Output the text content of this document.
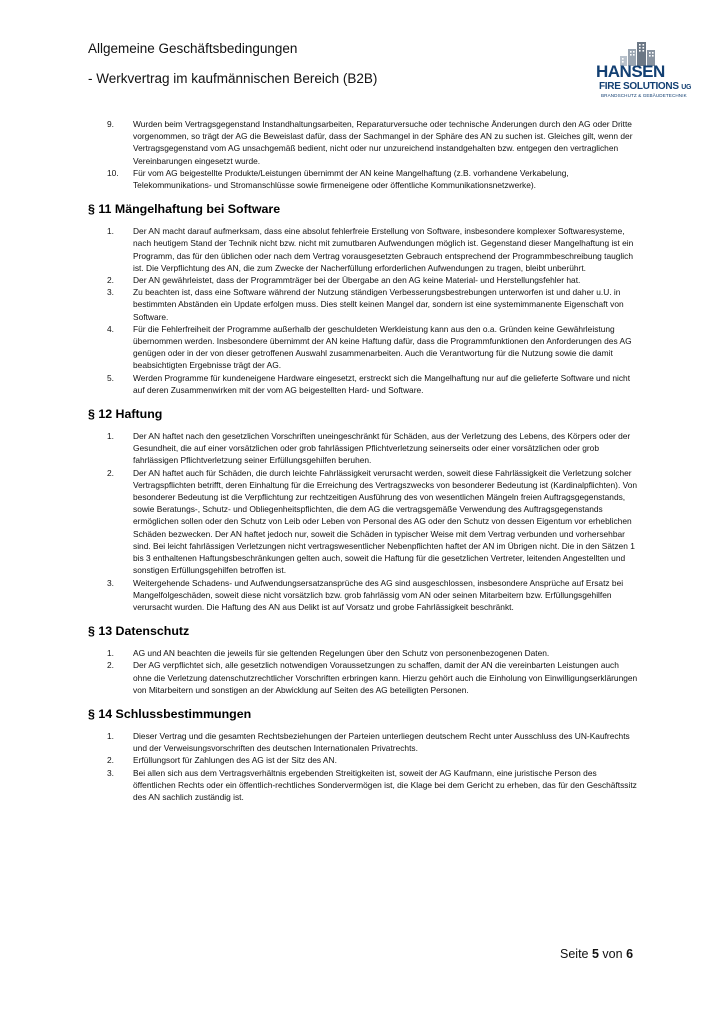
Allgemeine Geschäftsbedingungen
- Werkvertrag im kaufmännischen Bereich (B2B)	HANSEN
FIRE SOLUTIONS UG
BRANDSCHUTZ & GEBÄUDETECHNIK
9. Wurden beim Vertragsgegenstand Instandhaltungsarbeiten, Reparaturversuche oder technische Änderungen durch den AG oder Dritte vorgenommen, so trägt der AG die Beweislast dafür, dass der Sachmangel in der Sphäre des AN zu suchen ist. Gleiches gilt, wenn der Vertragsgegenstand vom AG unsachgemäß bedient, nicht oder nur unzureichend instandgehalten bzw. entgegen den vertraglichen Vereinbarungen eingesetzt wurde.
10. Für vom AG beigestellte Produkte/Leistungen übernimmt der AN keine Mangelhaftung (z.B. vorhandene Verkabelung, Telekommunikations- und Stromanschlüsse sowie firmeneigene oder öffentliche Kommunikationsnetzwerke).
§ 11 Mängelhaftung bei Software
1. Der AN macht darauf aufmerksam, dass eine absolut fehlerfreie Erstellung von Software, insbesondere komplexer Softwaresysteme, nach heutigem Stand der Technik nicht bzw. nicht mit zumutbaren Aufwendungen möglich ist. Gegenstand dieser Mangelhaftung ist ein Programm, das für den üblichen oder nach dem Vertrag vorausgesetzten Gebrauch entsprechend der Programmbeschreibung tauglich ist. Die Verpflichtung des AN, die zum Zwecke der Nacherfüllung erforderlichen Aufwendungen zu tragen, bleibt unberührt.
2. Der AN gewährleistet, dass der Programmträger bei der Übergabe an den AG keine Material- und Herstellungsfehler hat.
3. Zu beachten ist, dass eine Software während der Nutzung ständigen Verbesserungsbestrebungen unterworfen ist und daher u.U. in bestimmten Abständen ein Update erfolgen muss. Dies stellt keinen Mangel dar, sondern ist eine systemimmanente Eigenschaft von Software.
4. Für die Fehlerfreiheit der Programme außerhalb der geschuldeten Werkleistung kann aus den o.a. Gründen keine Gewährleistung übernommen werden. Insbesondere übernimmt der AN keine Haftung dafür, dass die Programmfunktionen den Anforderungen des AG genügen oder in der von dieser getroffenen Auswahl zusammenarbeiten. Auch die Verantwortung für die Nutzung sowie die damit beabsichtigten Ergebnisse trägt der AG.
5. Werden Programme für kundeneigene Hardware eingesetzt, erstreckt sich die Mangelhaftung nur auf die gelieferte Software und nicht auf deren Zusammenwirken mit der vom AG beigestellten Hard- und Software.
§ 12 Haftung
1. Der AN haftet nach den gesetzlichen Vorschriften uneingeschränkt für Schäden, aus der Verletzung des Lebens, des Körpers oder der Gesundheit, die auf einer vorsätzlichen oder grob fahrlässigen Pflichtverletzung seinerseits oder einer vorsätzlichen oder grob fahrlässigen Pflichtverletzung seiner Erfüllungsgehilfen beruhen.
2. Der AN haftet auch für Schäden, die durch leichte Fahrlässigkeit verursacht werden, soweit diese Fahrlässigkeit die Verletzung solcher Vertragspflichten betrifft, deren Einhaltung für die Erreichung des Vertragszwecks von besonderer Bedeutung ist (Kardinalpflichten). Von besonderer Bedeutung ist die Verpflichtung zur rechtzeitigen Ausführung des von wesentlichen Mängeln freien Auftragsgegenstands, sowie Beratungs-, Schutz- und Obliegenheitspflichten, die dem AG die vertragsgemäße Verwendung des Auftragsgegenstands ermöglichen sollen oder den Schutz von Leib oder Leben von Personal des AG oder den Schutz von dessen Eigentum vor erheblichen Schäden bezwecken. Der AN haftet jedoch nur, soweit die Schäden in typischer Weise mit dem Vertrag verbunden und vorhersehbar sind. Bei leicht fahrlässigen Verletzungen nicht vertragswesentlicher Nebenpflichten haftet der AN im Übrigen nicht. Die in den Sätzen 1 bis 3 enthaltenen Haftungsbeschränkungen gelten auch, soweit die Haftung für die gesetzlichen Vertreter, leitenden Angestellten und sonstigen Erfüllungsgehilfen betroffen ist.
3. Weitergehende Schadens- und Aufwendungsersatzansprüche des AG sind ausgeschlossen, insbesondere Ansprüche auf Ersatz bei Mangelfolgeschäden, soweit diese nicht vorsätzlich bzw. grob fahrlässig vom AN oder seinen Mitarbeitern bzw. Erfüllungsgehilfen verursacht wurden. Die Haftung des AN aus Delikt ist auf Vorsatz und grobe Fahrlässigkeit beschränkt.
§ 13 Datenschutz
1. AG und AN beachten die jeweils für sie geltenden Regelungen über den Schutz von personenbezogenen Daten.
2. Der AG verpflichtet sich, alle gesetzlich notwendigen Voraussetzungen zu schaffen, damit der AN die vereinbarten Leistungen auch ohne die Verletzung datenschutzrechtlicher Vorschriften erbringen kann. Hierzu gehört auch die Einholung von Einwilligungserklärungen von Mitarbeitern und sonstigen an der Abwicklung auf Seiten des AG beteiligten Personen.
§ 14 Schlussbestimmungen
1. Dieser Vertrag und die gesamten Rechtsbeziehungen der Parteien unterliegen deutschem Recht unter Ausschluss des UN-Kaufrechts und der Verweisungsvorschriften des deutschen Internationalen Privatrechts.
2. Erfüllungsort für Zahlungen des AG ist der Sitz des AN.
3. Bei allen sich aus dem Vertragsverhältnis ergebenden Streitigkeiten ist, soweit der AG Kaufmann, eine juristische Person des öffentlichen Rechts oder ein öffentlich-rechtliches Sondervermögen ist, die Klage bei dem Gericht zu erheben, das für den Geschäftssitz des AN sachlich zuständig ist.
Seite 5 von 6
